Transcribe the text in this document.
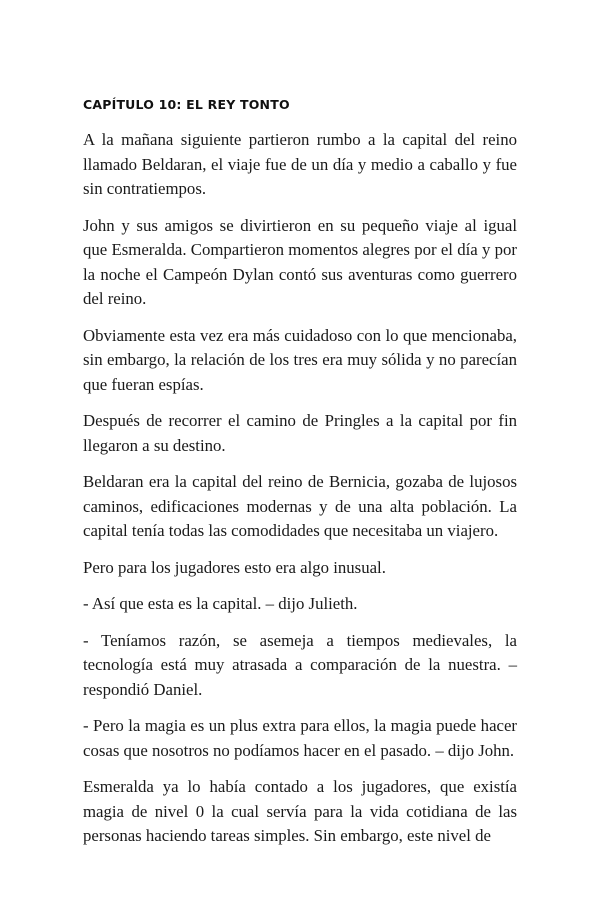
CAPÍTULO 10: EL REY TONTO

A la mañana siguiente partieron rumbo a la capital del reino llamado Beldaran, el viaje fue de un día y medio a caballo y fue sin contratiempos.

John y sus amigos se divirtieron en su pequeño viaje al igual que Esmeralda. Compartieron momentos alegres por el día y por la noche el Campeón Dylan contó sus aventuras como guerrero del reino.

Obviamente esta vez era más cuidadoso con lo que mencionaba, sin embargo, la relación de los tres era muy sólida y no parecían que fueran espías.

Después de recorrer el camino de Pringles a la capital por fin llegaron a su destino.

Beldaran era la capital del reino de Bernicia, gozaba de lujosos caminos, edificaciones modernas y de una alta población. La capital tenía todas las comodidades que necesitaba un viajero.

Pero para los jugadores esto era algo inusual.

- Así que esta es la capital. – dijo Julieth.

- Teníamos razón, se asemeja a tiempos medievales, la tecnología está muy atrasada a comparación de la nuestra. – respondió Daniel.

- Pero la magia es un plus extra para ellos, la magia puede hacer cosas que nosotros no podíamos hacer en el pasado. – dijo John.

Esmeralda ya lo había contado a los jugadores, que existía magia de nivel 0 la cual servía para la vida cotidiana de las personas haciendo tareas simples. Sin embargo, este nivel de
